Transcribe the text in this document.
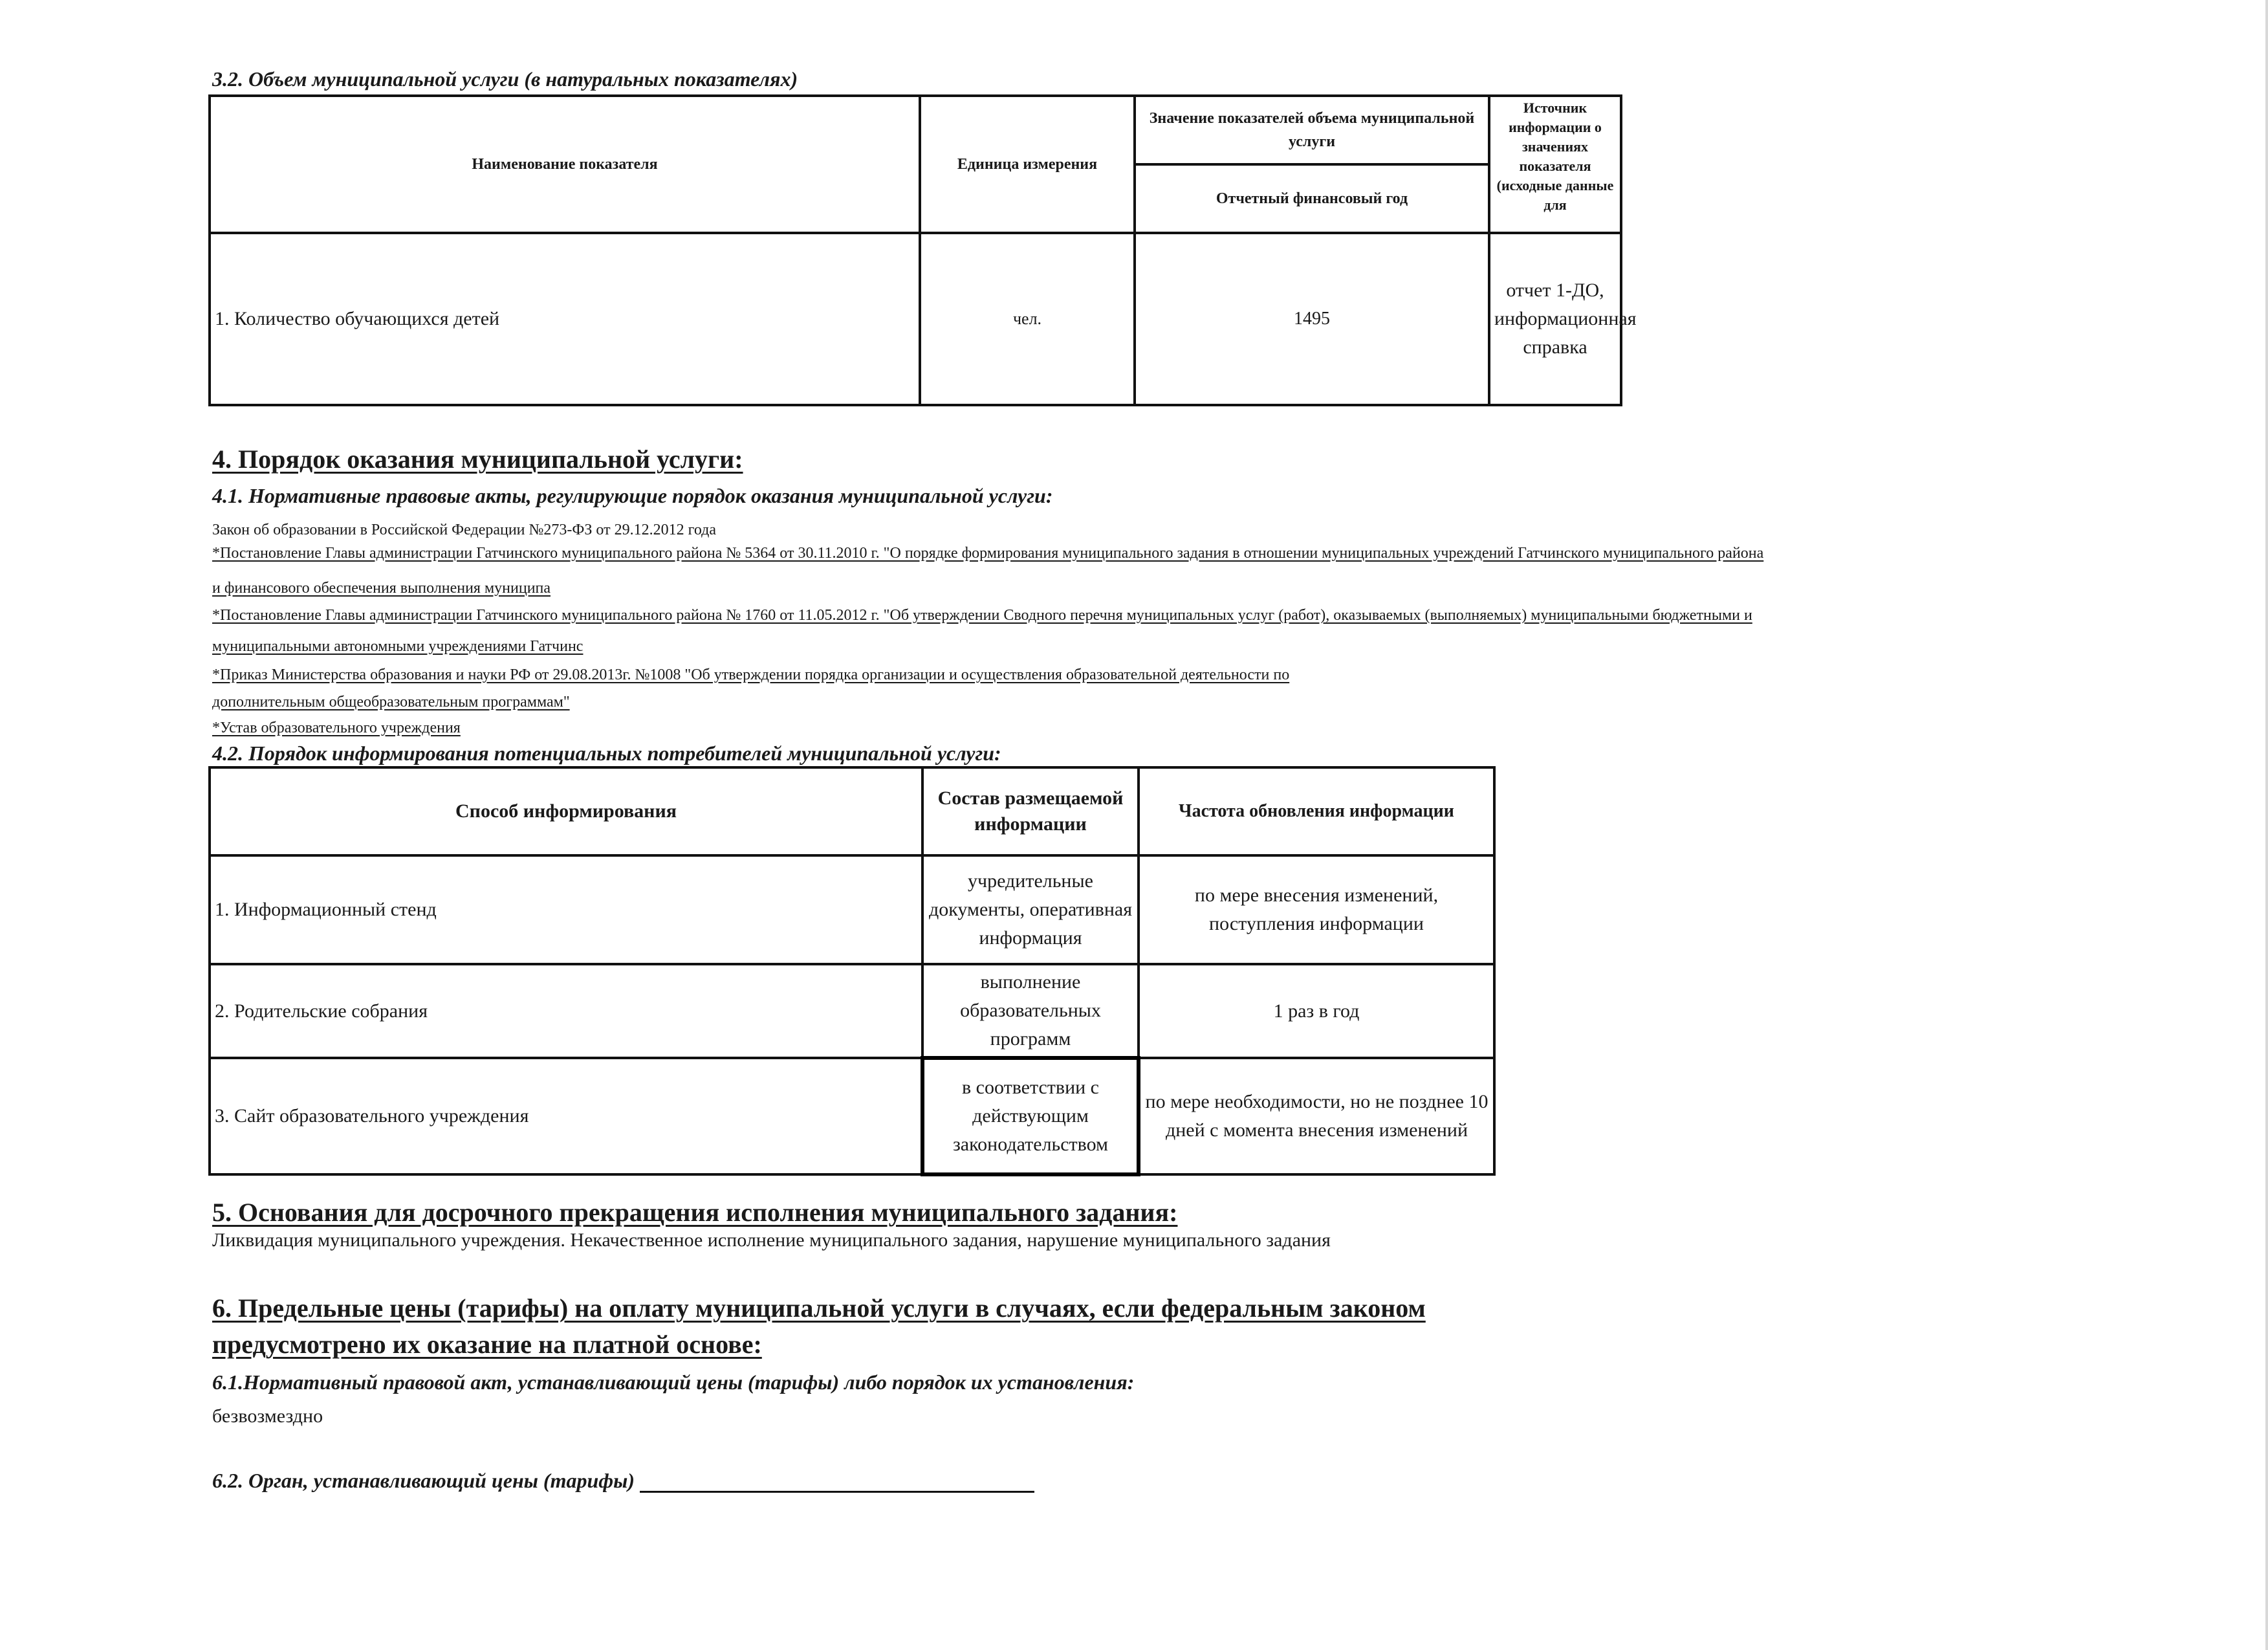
3.2. Объем муниципальной услуги (в натуральных показателях)
Наименование показателя	Единица измерения	Значение показателей объема муниципальной услуги	Источник информации о значениях показателя (исходные данные для
		Отчетный финансовый год	
1. Количество обучающихся детей	чел.	1495	отчет 1-ДО, информационная справка
4. Порядок оказания муниципальной услуги:
4.1. Нормативные правовые акты, регулирующие порядок оказания муниципальной услуги:
Закон об образовании в Российской Федерации №273-ФЗ от 29.12.2012 года
*Постановление Главы администрации Гатчинского муниципального района № 5364 от 30.11.2010 г. "О порядке формирования муниципального задания в отношении муниципальных учреждений Гатчинского муниципального района
и финансового обеспечения выполнения муниципа
*Постановление Главы администрации Гатчинского муниципального района № 1760 от 11.05.2012 г. "Об утверждении Сводного перечня муниципальных услуг (работ), оказываемых (выполняемых) муниципальными бюджетными и
муниципальными автономными учреждениями Гатчинс
*Приказ Министерства образования и науки РФ от 29.08.2013г. №1008 "Об утверждении порядка организации и осуществления образовательной деятельности по
дополнительным общеобразовательным программам"
*Устав образовательного учреждения
4.2. Порядок информирования потенциальных потребителей муниципальной услуги:
Способ информирования	Состав размещаемой информации	Частота обновления информации
1. Информационный стенд	учредительные документы, оперативная информация	по мере внесения изменений, поступления информации
2. Родительские собрания	выполнение образовательных программ	1 раз в год
3. Сайт образовательного учреждения	в соответствии с действующим законодательством	по мере необходимости, но не позднее 10 дней с момента внесения изменений
5. Основания для досрочного прекращения исполнения муниципального задания:
Ликвидация муниципального учреждения. Некачественное исполнение муниципального задания, нарушение муниципального задания
6. Предельные цены (тарифы) на оплату муниципальной услуги в случаях, если федеральным законом
предусмотрено их оказание на платной основе:
6.1.Нормативный правовой акт, устанавливающий цены (тарифы) либо порядок их установления:
безвозмездно
6.2. Орган, устанавливающий цены (тарифы)
